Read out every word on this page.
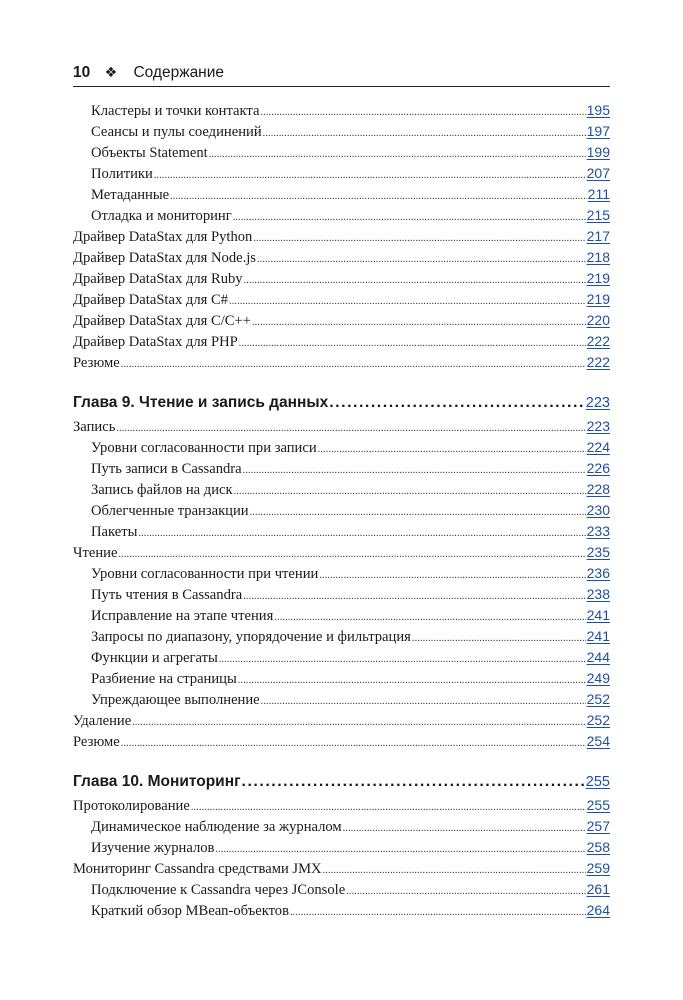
10 ❖ Содержание
Кластеры и точки контакта .....	195
Сеансы и пулы соединений .....	197
Объекты Statement .....	199
Политики .....	207
Метаданные .....	211
Отладка и мониторинг .....	215
Драйвер DataStax для Python .....	217
Драйвер DataStax для Node.js .....	218
Драйвер DataStax для Ruby .....	219
Драйвер DataStax для C# .....	219
Драйвер DataStax для C/C++ .....	220
Драйвер DataStax для PHP .....	222
Резюме .....	222
Глава 9. Чтение и запись данных .....	223
Запись .....	223
Уровни согласованности при записи .....	224
Путь записи в Cassandra .....	226
Запись файлов на диск .....	228
Облегченные транзакции .....	230
Пакеты .....	233
Чтение .....	235
Уровни согласованности при чтении .....	236
Путь чтения в Cassandra .....	238
Исправление на этапе чтения .....	241
Запросы по диапазону, упорядочение и фильтрация .....	241
Функции и агрегаты .....	244
Разбиение на страницы .....	249
Упреждающее выполнение .....	252
Удаление .....	252
Резюме .....	254
Глава 10. Мониторинг .....	255
Протоколирование .....	255
Динамическое наблюдение за журналом .....	257
Изучение журналов .....	258
Мониторинг Cassandra средствами JMX .....	259
Подключение к Cassandra через JConsole .....	261
Краткий обзор MBean-объектов .....	264
